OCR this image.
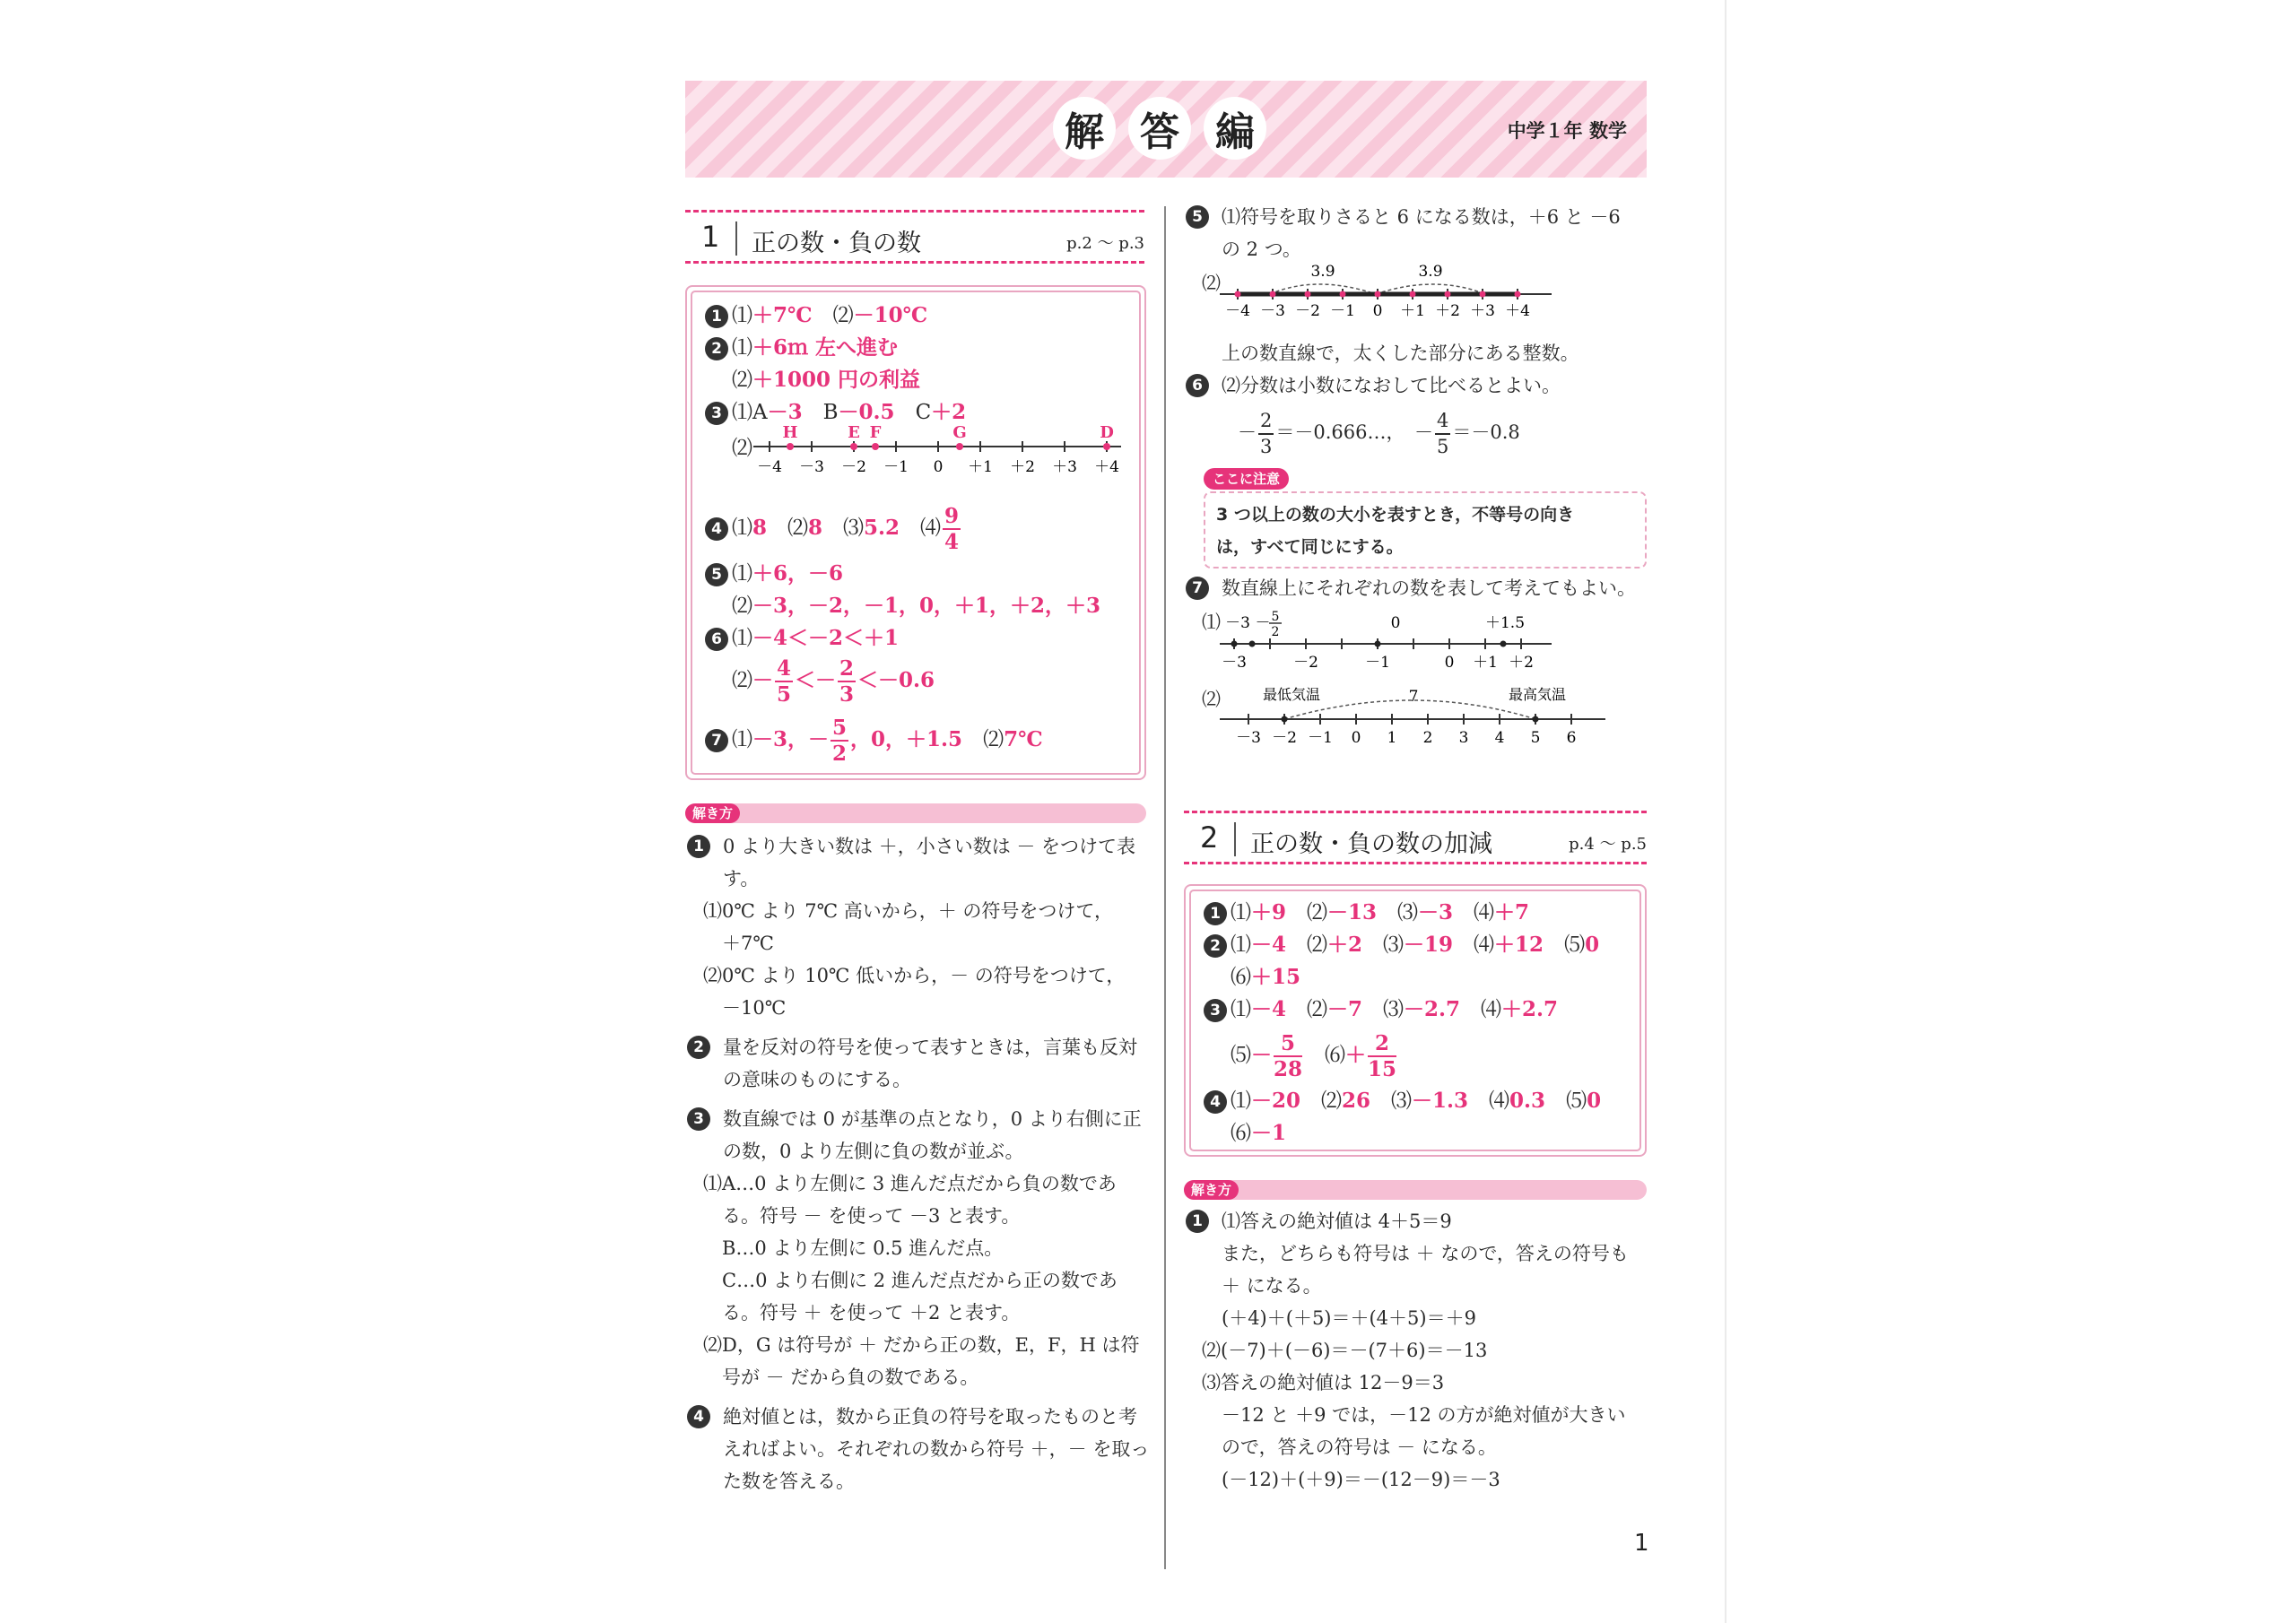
解 答 編	中学１年 数学
1 正の数・負の数	p.2 ～ p.3
1 ⑴＋7℃　 ⑵－10℃
2 ⑴＋6ｍ 左へ進む
⑵＋1000 円の利益
3 ⑴A－3　 B－0.5　 C＋2
⑵
－4 －3 －2 －1 0 ＋1 ＋2 ＋3 ＋4
H	E F	G	D
4 ⑴8　 ⑵8　 ⑶5.2　 ⑷ $\frac{9}{4}$
5 ⑴＋6，－6
⑵－3，－2，－1，0，＋1，＋2，＋3
6 ⑴－4＜－2＜＋1
⑵－ $\frac{4}{5} <- \frac{2}{3} <-0.6$
7 ⑴－3，－ $\frac{5}{2}$ ，0，＋1.5　 ⑵7℃
解き方
1	0 より大きい数は ＋，小さい数は － をつけて表
す。
⑴0℃ より 7℃ 高いから，＋ の符号をつけて，
　＋7℃
⑵0℃ より 10℃ 低いから，－ の符号をつけて，
　－10℃
2	量を反対の符号を使って表すときは，言葉も反対
の意味のものにする。
3	数直線では 0 が基準の点となり，0 より右側に正
の数，0 より左側に負の数が並ぶ。
⑴A…0 より左側に 3 進んだ点だから負の数であ
　る。符号 － を使って －3 と表す。
　B…0 より左側に 0.5 進んだ点。
　C…0 より右側に 2 進んだ点だから正の数であ
　る。符号 ＋ を使って ＋2 と表す。
⑵D，G は符号が ＋ だから正の数，E，F，H は符
　号が － だから負の数である。
4	絶対値とは，数から正負の符号を取ったものと考
えればよい。それぞれの数から符号 ＋，－ を取っ
た数を答える。
5	⑴符号を取りさると 6 になる数は，＋6 と －6
の 2 つ。
⑵
3.9	3.9
－4 －3 －2 －1 0 ＋1 ＋2 ＋3 ＋4
上の数直線で，太くした部分にある整数。
6	⑵分数は小数になおして比べるとよい。
－ $\frac{2}{3}$ ＝－0.666…，　 － $\frac{4}{5} =-0.8$
ここに注意
3 つ以上の数の大小を表すとき，不等号の向き
は，すべて同じにする。
7	数直線上にそれぞれの数を表して考えてもよい。
⑴ －3 － 5
2	0	＋1.5
－3	－2	－1	0 ＋1 ＋2
⑵	最低気温	最高気温
7
－3 －2 －1 0 1 2 3 4 5 6
2 正の数・負の数の加減	p.4 ～ p.5
1 ⑴＋9　 ⑵－13　 ⑶－3　 ⑷＋7
2 ⑴－4　 ⑵＋2　 ⑶－19　 ⑷＋12　 ⑸0
⑹＋15
3 ⑴－4　 ⑵－7　 ⑶－2.7　 ⑷＋2.7
⑸－ $\frac{5}{28}$
　 ⑹＋ $\frac{2}{15}$
4 ⑴－20　 ⑵26　 ⑶－1.3　 ⑷0.3　 ⑸0
⑹－1
解き方
1	⑴答えの絶対値は 4＋5＝9
また，どちらも符号は ＋ なので，答えの符号も
＋ になる。
(＋4)＋(＋5)＝＋(4＋5)＝＋9
⑵(－7)＋(－6)＝－(7＋6)＝－13
⑶答えの絶対値は 12－9＝3
－12 と ＋9 では，－12 の方が絶対値が大きい
ので，答えの符号は － になる。
(－12)＋(＋9)＝－(12－9)＝－3
1
